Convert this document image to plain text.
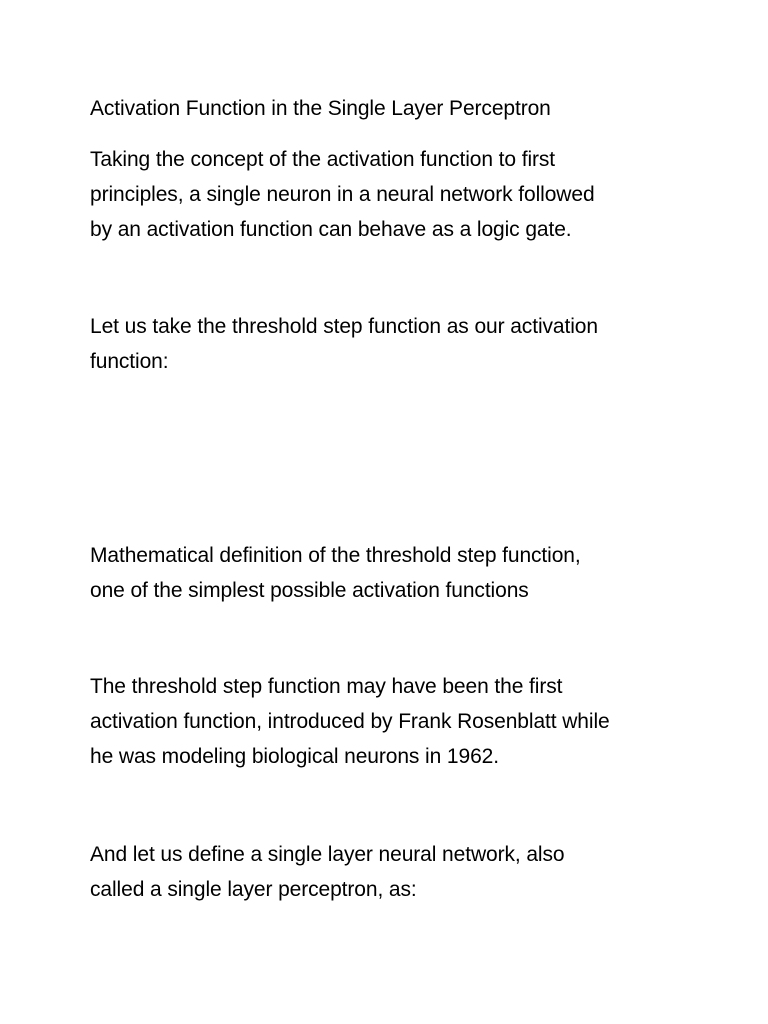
Activation Function in the Single Layer Perceptron

Taking the concept of the activation function to first
principles, a single neuron in a neural network followed
by an activation function can behave as a logic gate.

Let us take the threshold step function as our activation
function:

Mathematical definition of the threshold step function,
one of the simplest possible activation functions

The threshold step function may have been the first
activation function, introduced by Frank Rosenblatt while
he was modeling biological neurons in 1962.

And let us define a single layer neural network, also
called a single layer perceptron, as:
